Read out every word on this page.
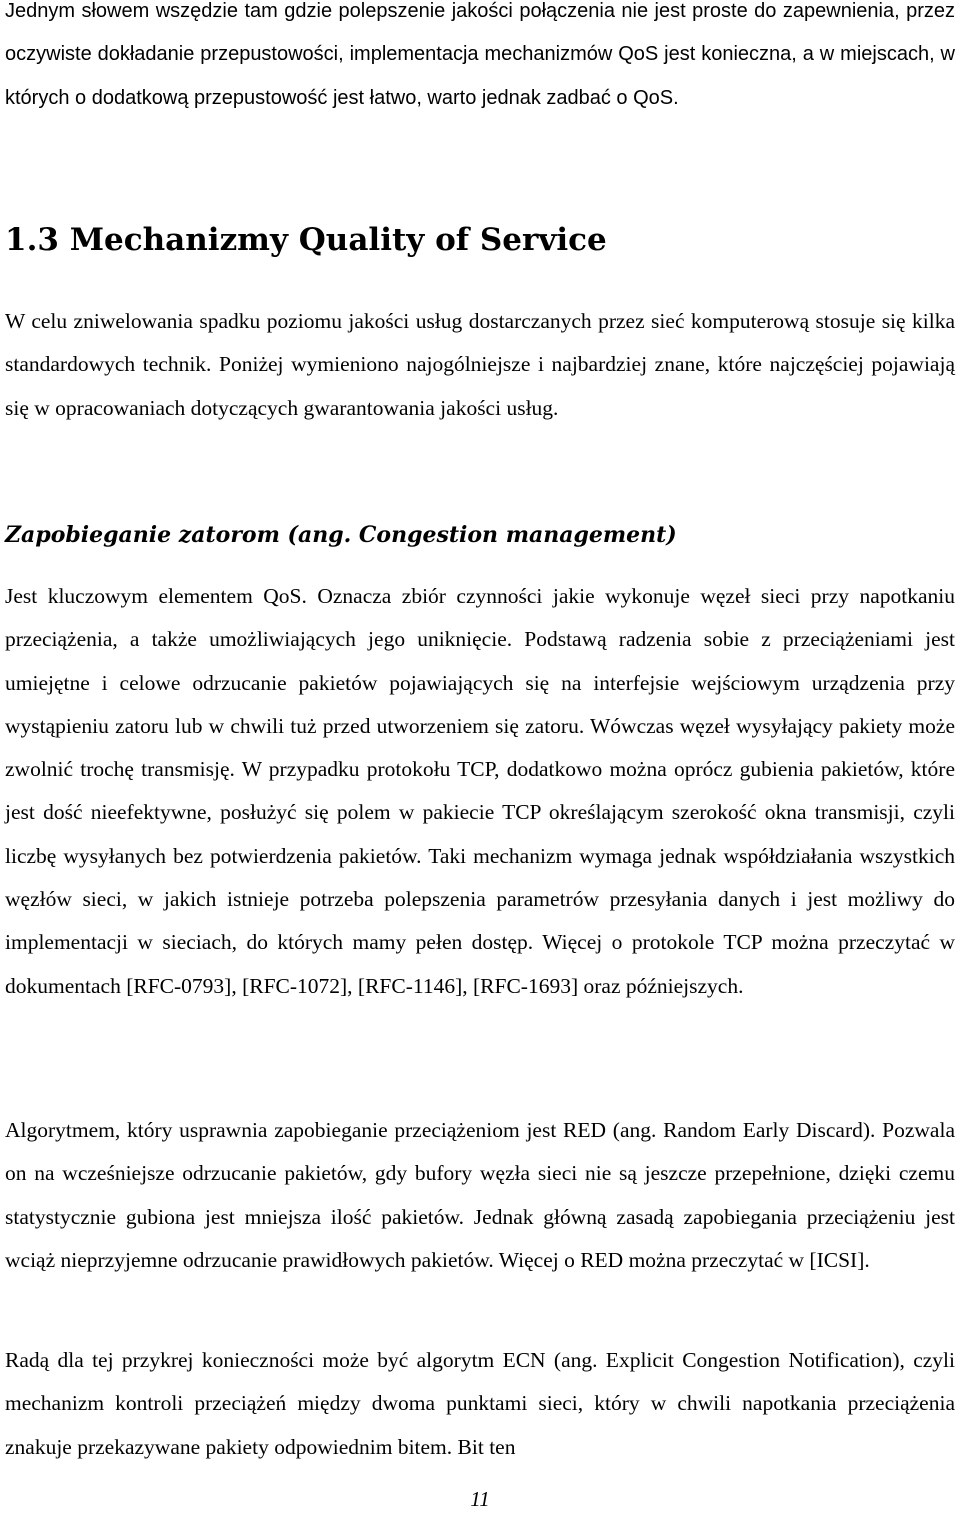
Jednym słowem wszędzie tam gdzie polepszenie jakości połączenia nie jest proste do zapewnienia, przez oczywiste dokładanie przepustowości, implementacja mechanizmów QoS jest konieczna, a w miejscach, w których o dodatkową przepustowość jest łatwo, warto jednak zadbać o QoS.

1.3 Mechanizmy Quality of Service

W celu zniwelowania spadku poziomu jakości usług dostarczanych przez sieć komputerową stosuje się kilka standardowych technik. Poniżej wymieniono najogólniejsze i najbardziej znane, które najczęściej pojawiają się w opracowaniach dotyczących gwarantowania jakości usług.

Zapobieganie zatorom (ang. Congestion management)

Jest kluczowym elementem QoS. Oznacza zbiór czynności jakie wykonuje węzeł sieci przy napotkaniu przeciążenia, a także umożliwiających jego uniknięcie. Podstawą radzenia sobie z przeciążeniami jest umiejętne i celowe odrzucanie pakietów pojawiających się na interfejsie wejściowym urządzenia przy wystąpieniu zatoru lub w chwili tuż przed utworzeniem się zatoru. Wówczas węzeł wysyłający pakiety może zwolnić trochę transmisję. W przypadku protokołu TCP, dodatkowo można oprócz gubienia pakietów, które jest dość nieefektywne, posłużyć się polem w pakiecie TCP określającym szerokość okna transmisji, czyli liczbę wysyłanych bez potwierdzenia pakietów. Taki mechanizm wymaga jednak współdziałania wszystkich węzłów sieci, w jakich istnieje potrzeba polepszenia parametrów przesyłania danych i jest możliwy do implementacji w sieciach, do których mamy pełen dostęp. Więcej o protokole TCP można przeczytać w dokumentach [RFC-0793], [RFC-1072], [RFC-1146], [RFC-1693] oraz późniejszych.

Algorytmem, który usprawnia zapobieganie przeciążeniom jest RED (ang. Random Early Discard). Pozwala on na wcześniejsze odrzucanie pakietów, gdy bufory węzła sieci nie są jeszcze przepełnione, dzięki czemu statystycznie gubiona jest mniejsza ilość pakietów. Jednak główną zasadą zapobiegania przeciążeniu jest wciąż nieprzyjemne odrzucanie prawidłowych pakietów. Więcej o RED można przeczytać w [ICSI].

Radą dla tej przykrej konieczności może być algorytm ECN (ang. Explicit Congestion Notification), czyli mechanizm kontroli przeciążeń między dwoma punktami sieci, który w chwili napotkania przeciążenia znakuje przekazywane pakiety odpowiednim bitem. Bit ten

11
